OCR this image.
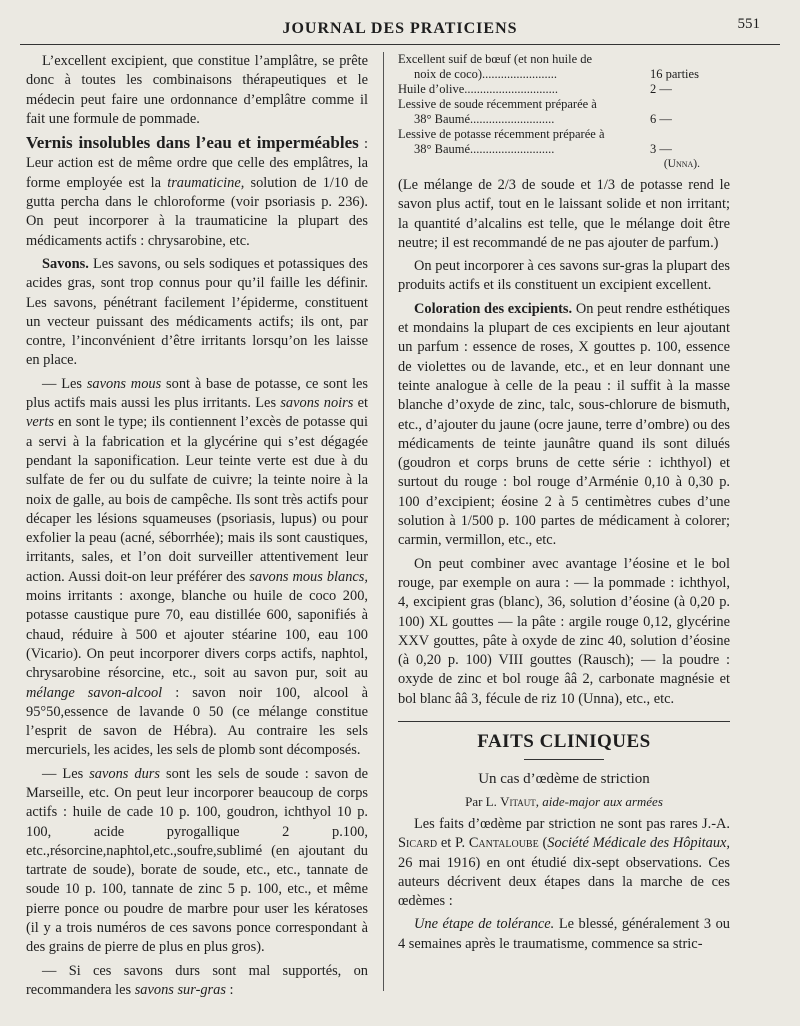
JOURNAL DES PRATICIENS	551

L’excellent excipient, que constitue l’amplâtre, se prête donc à toutes les combinaisons thérapeutiques et le médecin peut faire une ordonnance d’emplâtre comme il fait une formule de pommade.

Vernis insolubles dans l’eau et imperméables : Leur action est de même ordre que celle des emplâtres, la forme employée est la traumaticine, solution de 1/10 de gutta percha dans le chloroforme (voir psoriasis p. 236). On peut incorporer à la traumaticine la plupart des médicaments actifs : chrysarobine, etc.

Savons. Les savons, ou sels sodiques et potassiques des acides gras, sont trop connus pour qu’il faille les définir. Les savons, pénétrant facilement l’épiderme, constituent un vecteur puissant des médicaments actifs; ils ont, par contre, l’inconvénient d’être irritants lorsqu’on les laisse en place.

— Les savons mous sont à base de potasse, ce sont les plus actifs mais aussi les plus irritants. Les savons noirs et verts en sont le type; ils contiennent l’excès de potasse qui a servi à la fabrication et la glycérine qui s’est dégagée pendant la saponification. Leur teinte verte est due à du sulfate de fer ou du sulfate de cuivre; la teinte noire à la noix de galle, au bois de campêche. Ils sont très actifs pour décaper les lésions squameuses (psoriasis, lupus) ou pour exfolier la peau (acné, séborrhée); mais ils sont caustiques, irritants, sales, et l’on doit surveiller attentivement leur action. Aussi doit-on leur préférer des savons mous blancs, moins irritants : axonge, blanche ou huile de coco 200, potasse caustique pure 70, eau distillée 600, saponifiés à chaud, réduire à 500 et ajouter stéarine 100, eau 100 (Vicario). On peut incorporer divers corps actifs, naphtol, chrysarobine résorcine, etc., soit au savon pur, soit au mélange savon-alcool : savon noir 100, alcool à 95°50,essence de lavande 0 50 (ce mélange constitue l’esprit de savon de Hébra). Au contraire les sels mercuriels, les acides, les sels de plomb sont décomposés.

— Les savons durs sont les sels de soude : savon de Marseille, etc. On peut leur incorporer beaucoup de corps actifs : huile de cade 10 p. 100, goudron, ichthyol 10 p. 100, acide pyrogallique 2 p.100, etc.,résorcine,naphtol,etc.,soufre,sublimé (en ajoutant du tartrate de soude), borate de soude, etc., etc., tannate de soude 10 p. 100, tannate de zinc 5 p. 100, etc., et même pierre ponce ou poudre de marbre pour user les kératoses (il y a trois numéros de ces savons ponce correspondant à des grains de pierre de plus en plus gros).

— Si ces savons durs sont mal supportés, on recommandera les savons sur-gras :

Excellent suif de bœuf (et non huile de
noix de coco)........................	16 parties
Huile d’olive..............................	2 —
Lessive de soude récemment préparée à
38° Baumé...........................	6 —
Lessive de potasse récemment préparée à
38° Baumé...........................	3 —
(Unna).

(Le mélange de 2/3 de soude et 1/3 de potasse rend le savon plus actif, tout en le laissant solide et non irritant; la quantité d’alcalins est telle, que le mélange doit être neutre; il est recommandé de ne pas ajouter de parfum.)

On peut incorporer à ces savons sur-gras la plupart des produits actifs et ils constituent un excipient excellent.

Coloration des excipients. On peut rendre esthétiques et mondains la plupart de ces excipients en leur ajoutant un parfum : essence de roses, X gouttes p. 100, essence de violettes ou de lavande, etc., et en leur donnant une teinte analogue à celle de la peau : il suffit à la masse blanche d’oxyde de zinc, talc, sous-chlorure de bismuth, etc., d’ajouter du jaune (ocre jaune, terre d’ombre) ou des médicaments de teinte jaunâtre quand ils sont dilués (goudron et corps bruns de cette série : ichthyol) et surtout du rouge : bol rouge d’Arménie 0,10 à 0,30 p. 100 d’excipient; éosine 2 à 5 centimètres cubes d’une solution à 1/500 p. 100 partes de médicament à colorer; carmin, vermillon, etc., etc.

On peut combiner avec avantage l’éosine et le bol rouge, par exemple on aura : — la pommade : ichthyol, 4, excipient gras (blanc), 36, solution d’éosine (à 0,20 p. 100) XL gouttes — la pâte : argile rouge 0,12, glycérine XXV gouttes, pâte à oxyde de zinc 40, solution d’éosine (à 0,20 p. 100) VIII gouttes (Rausch); — la poudre : oxyde de zinc et bol rouge ââ 2, carbonate magnésie et bol blanc ââ 3, fécule de riz 10 (Unna), etc., etc.

FAITS CLINIQUES
Un cas d’œdème de striction
Par L. Vitaut, aide-major aux armées

Les faits d’œdème par striction ne sont pas rares J.-A. Sicard et P. Cantaloube (Société Médicale des Hôpitaux, 26 mai 1916) en ont étudié dix-sept observations. Ces auteurs décrivent deux étapes dans la marche de ces œdèmes :

Une étape de tolérance. Le blessé, généralement 3 ou 4 semaines après le traumatisme, commence sa stric-
